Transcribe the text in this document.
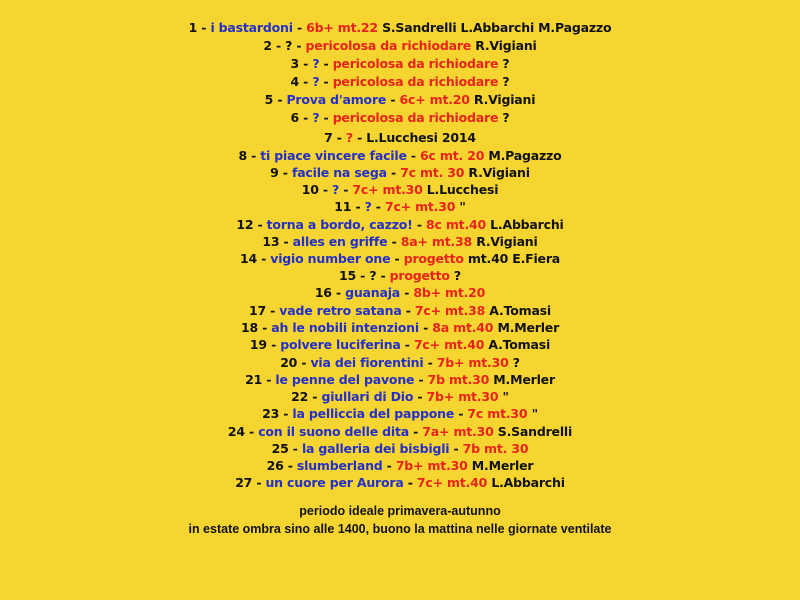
1 - i bastardoni - 6b+ mt.22 S.Sandrelli L.Abbarchi M.Pagazzo
2 - ? - pericolosa da richiodare R.Vigiani
3 - ? - pericolosa da richiodare ?
4 - ? - pericolosa da richiodare ?
5 - Prova d'amore - 6c+ mt.20 R.Vigiani
6 - ? - pericolosa da richiodare ?
7 - ? - L.Lucchesi 2014
8 - ti piace vincere facile - 6c mt. 20 M.Pagazzo
9 - facile na sega - 7c mt. 30 R.Vigiani
10 - ? - 7c+ mt.30 L.Lucchesi
11 - ? - 7c+ mt.30 "
12 - torna a bordo, cazzo! - 8c mt.40 L.Abbarchi
13 - alles en griffe - 8a+ mt.38 R.Vigiani
14 - vigio number one - progetto mt.40 E.Fiera
15 - ? - progetto ?
16 - guanaja - 8b+ mt.20
17 - vade retro satana - 7c+ mt.38 A.Tomasi
18 - ah le nobili intenzioni - 8a mt.40 M.Merler
19 - polvere luciferina - 7c+ mt.40 A.Tomasi
20 - via dei fiorentini - 7b+ mt.30 ?
21 - le penne del pavone - 7b mt.30 M.Merler
22 - giullari di Dio - 7b+ mt.30 "
23 - la pelliccia del pappone - 7c mt.30 "
24 - con il suono delle dita - 7a+ mt.30 S.Sandrelli
25 - la galleria dei bisbigli - 7b mt. 30
26 - slumberland - 7b+ mt.30 M.Merler
27 - un cuore per Aurora - 7c+ mt.40 L.Abbarchi
periodo ideale primavera-autunno
in estate ombra sino alle 1400, buono la mattina nelle giornate ventilate
